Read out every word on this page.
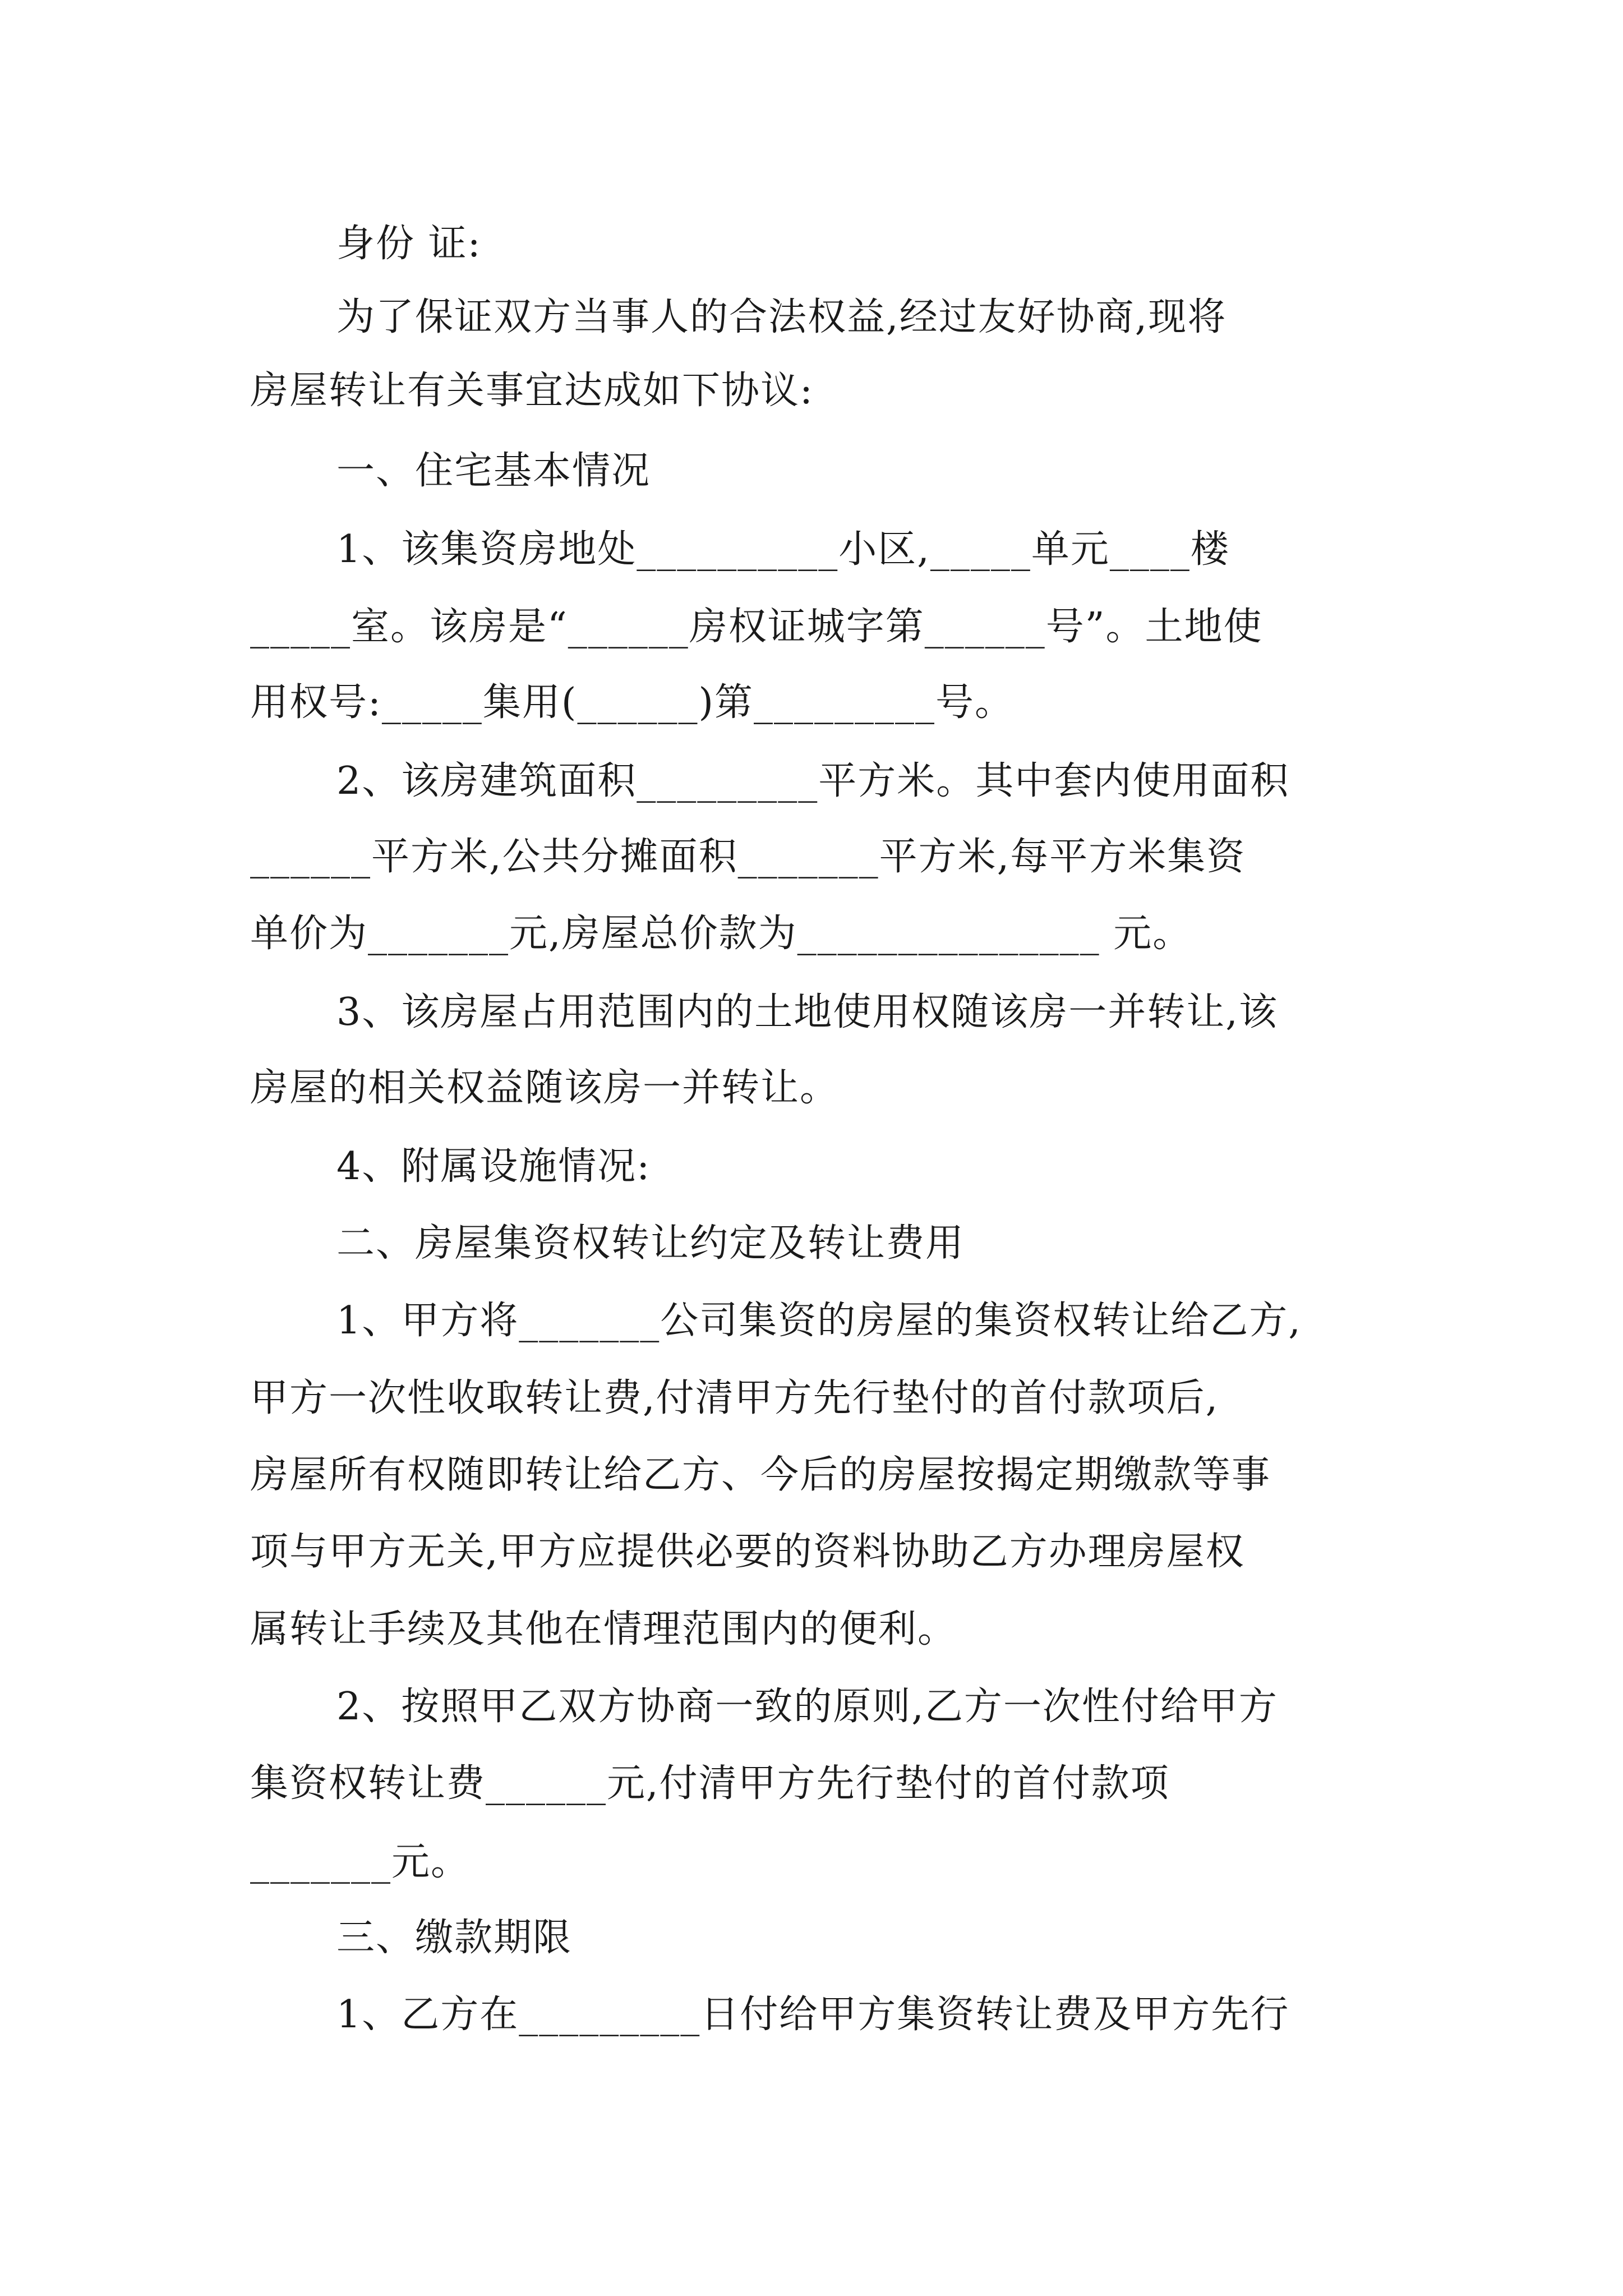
身份 证:
为了保证双方当事人的合法权益,经过友好协商,现将
房屋转让有关事宜达成如下协议:
一、住宅基本情况
1、该集资房地处__________小区,_____单元____楼
_____室。该房是“______房权证城字第______号”。土地使
用权号:_____集用(______)第_________号。
2、该房建筑面积_________平方米。其中套内使用面积
______平方米,公共分摊面积_______平方米,每平方米集资
单价为_______元,房屋总价款为_______________ 元。
3、该房屋占用范围内的土地使用权随该房一并转让,该
房屋的相关权益随该房一并转让。
4、附属设施情况:
二、房屋集资权转让约定及转让费用
1、甲方将_______公司集资的房屋的集资权转让给乙方,
甲方一次性收取转让费,付清甲方先行垫付的首付款项后,
房屋所有权随即转让给乙方、今后的房屋按揭定期缴款等事
项与甲方无关,甲方应提供必要的资料协助乙方办理房屋权
属转让手续及其他在情理范围内的便利。
2、按照甲乙双方协商一致的原则,乙方一次性付给甲方
集资权转让费______元,付清甲方先行垫付的首付款项
_______元。
三、缴款期限
1、乙方在_________日付给甲方集资转让费及甲方先行
